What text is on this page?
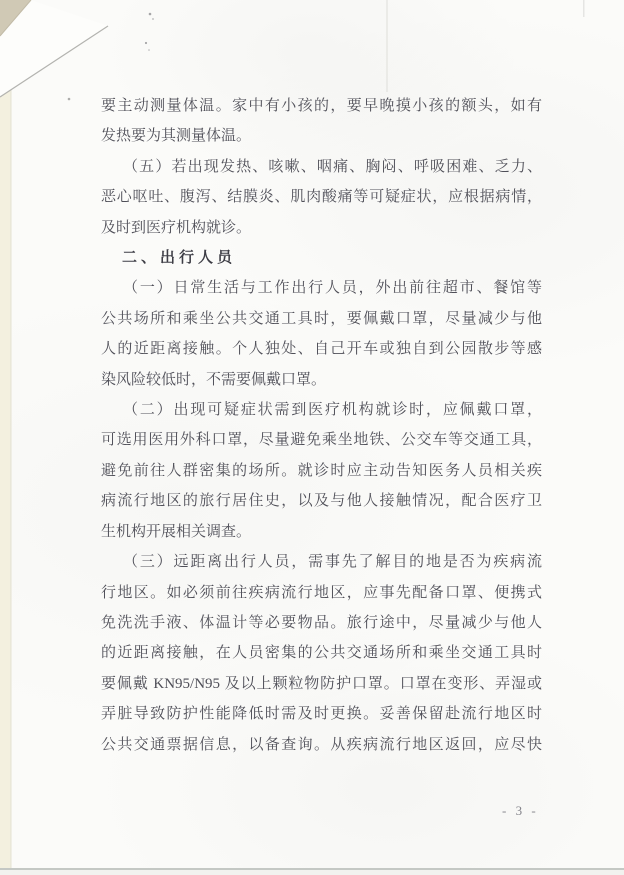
要主动测量体温。家中有小孩的，要早晚摸小孩的额头，如有
发热要为其测量体温。
（五）若出现发热、咳嗽、咽痛、胸闷、呼吸困难、乏力、
恶心呕吐、腹泻、结膜炎、肌肉酸痛等可疑症状，应根据病情，
及时到医疗机构就诊。
二、出行人员
（一）日常生活与工作出行人员，外出前往超市、餐馆等
公共场所和乘坐公共交通工具时，要佩戴口罩，尽量减少与他
人的近距离接触。个人独处、自己开车或独自到公园散步等感
染风险较低时，不需要佩戴口罩。
（二）出现可疑症状需到医疗机构就诊时，应佩戴口罩，
可选用医用外科口罩，尽量避免乘坐地铁、公交车等交通工具，
避免前往人群密集的场所。就诊时应主动告知医务人员相关疾
病流行地区的旅行居住史，以及与他人接触情况，配合医疗卫
生机构开展相关调查。
（三）远距离出行人员，需事先了解目的地是否为疾病流
行地区。如必须前往疾病流行地区，应事先配备口罩、便携式
免洗洗手液、体温计等必要物品。旅行途中，尽量减少与他人
的近距离接触，在人员密集的公共交通场所和乘坐交通工具时
要佩戴 KN95/N95 及以上颗粒物防护口罩。口罩在变形、弄湿或
弄脏导致防护性能降低时需及时更换。妥善保留赴流行地区时
公共交通票据信息，以备查询。从疾病流行地区返回，应尽快
- 3 -
